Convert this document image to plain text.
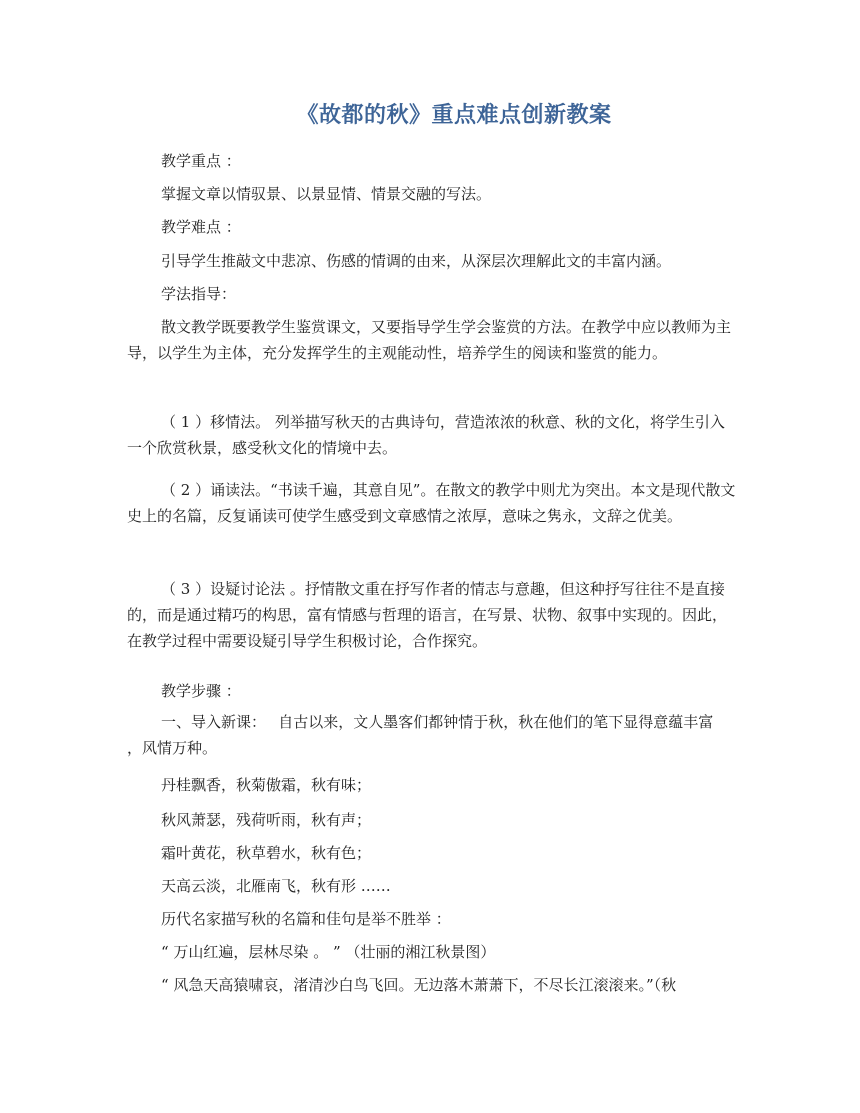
《故都的秋》重点难点创新教案

教学重点 ：

掌握文章以情驭景、以景显情、情景交融的写法。

教学难点 ：

引导学生推敲文中悲凉、伤感的情调的由来，从深层次理解此文的丰富内涵。

学法指导：

散文教学既要教学生鉴赏课文，又要指导学生学会鉴赏的方法。在教学中应以教师为主导，以学生为主体，充分发挥学生的主观能动性，培养学生的阅读和鉴赏的能力。

（ 1 ）移情法。 列举描写秋天的古典诗句，营造浓浓的秋意、秋的文化，将学生引入一个欣赏秋景，感受秋文化的情境中去。

（ 2 ）诵读法。“书读千遍，其意自见”。在散文的教学中则尤为突出。本文是现代散文史上的名篇，反复诵读可使学生感受到文章感情之浓厚，意味之隽永，文辞之优美。

（ 3 ）设疑讨论法 。抒情散文重在抒写作者的情志与意趣，但这种抒写往往不是直接的，而是通过精巧的构思，富有情感与哲理的语言，在写景、状物、叙事中实现的。因此，在教学过程中需要设疑引导学生积极讨论，合作探究。

教学步骤 ：

一、导入新课：　 自古以来，文人墨客们都钟情于秋，秋在他们的笔下显得意蕴丰富　 ，风情万种。

丹桂飘香，秋菊傲霜，秋有味；

秋风萧瑟，残荷听雨，秋有声；

霜叶黄花，秋草碧水，秋有色；

天高云淡，北雁南飞，秋有形 ……

历代名家描写秋的名篇和佳句是举不胜举 ：

“ 万山红遍，层林尽染 。 ” （壮丽的湘江秋景图）

“ 风急天高猿啸哀，渚清沙白鸟飞回。无边落木萧萧下，不尽长江滚滚来。”（秋
